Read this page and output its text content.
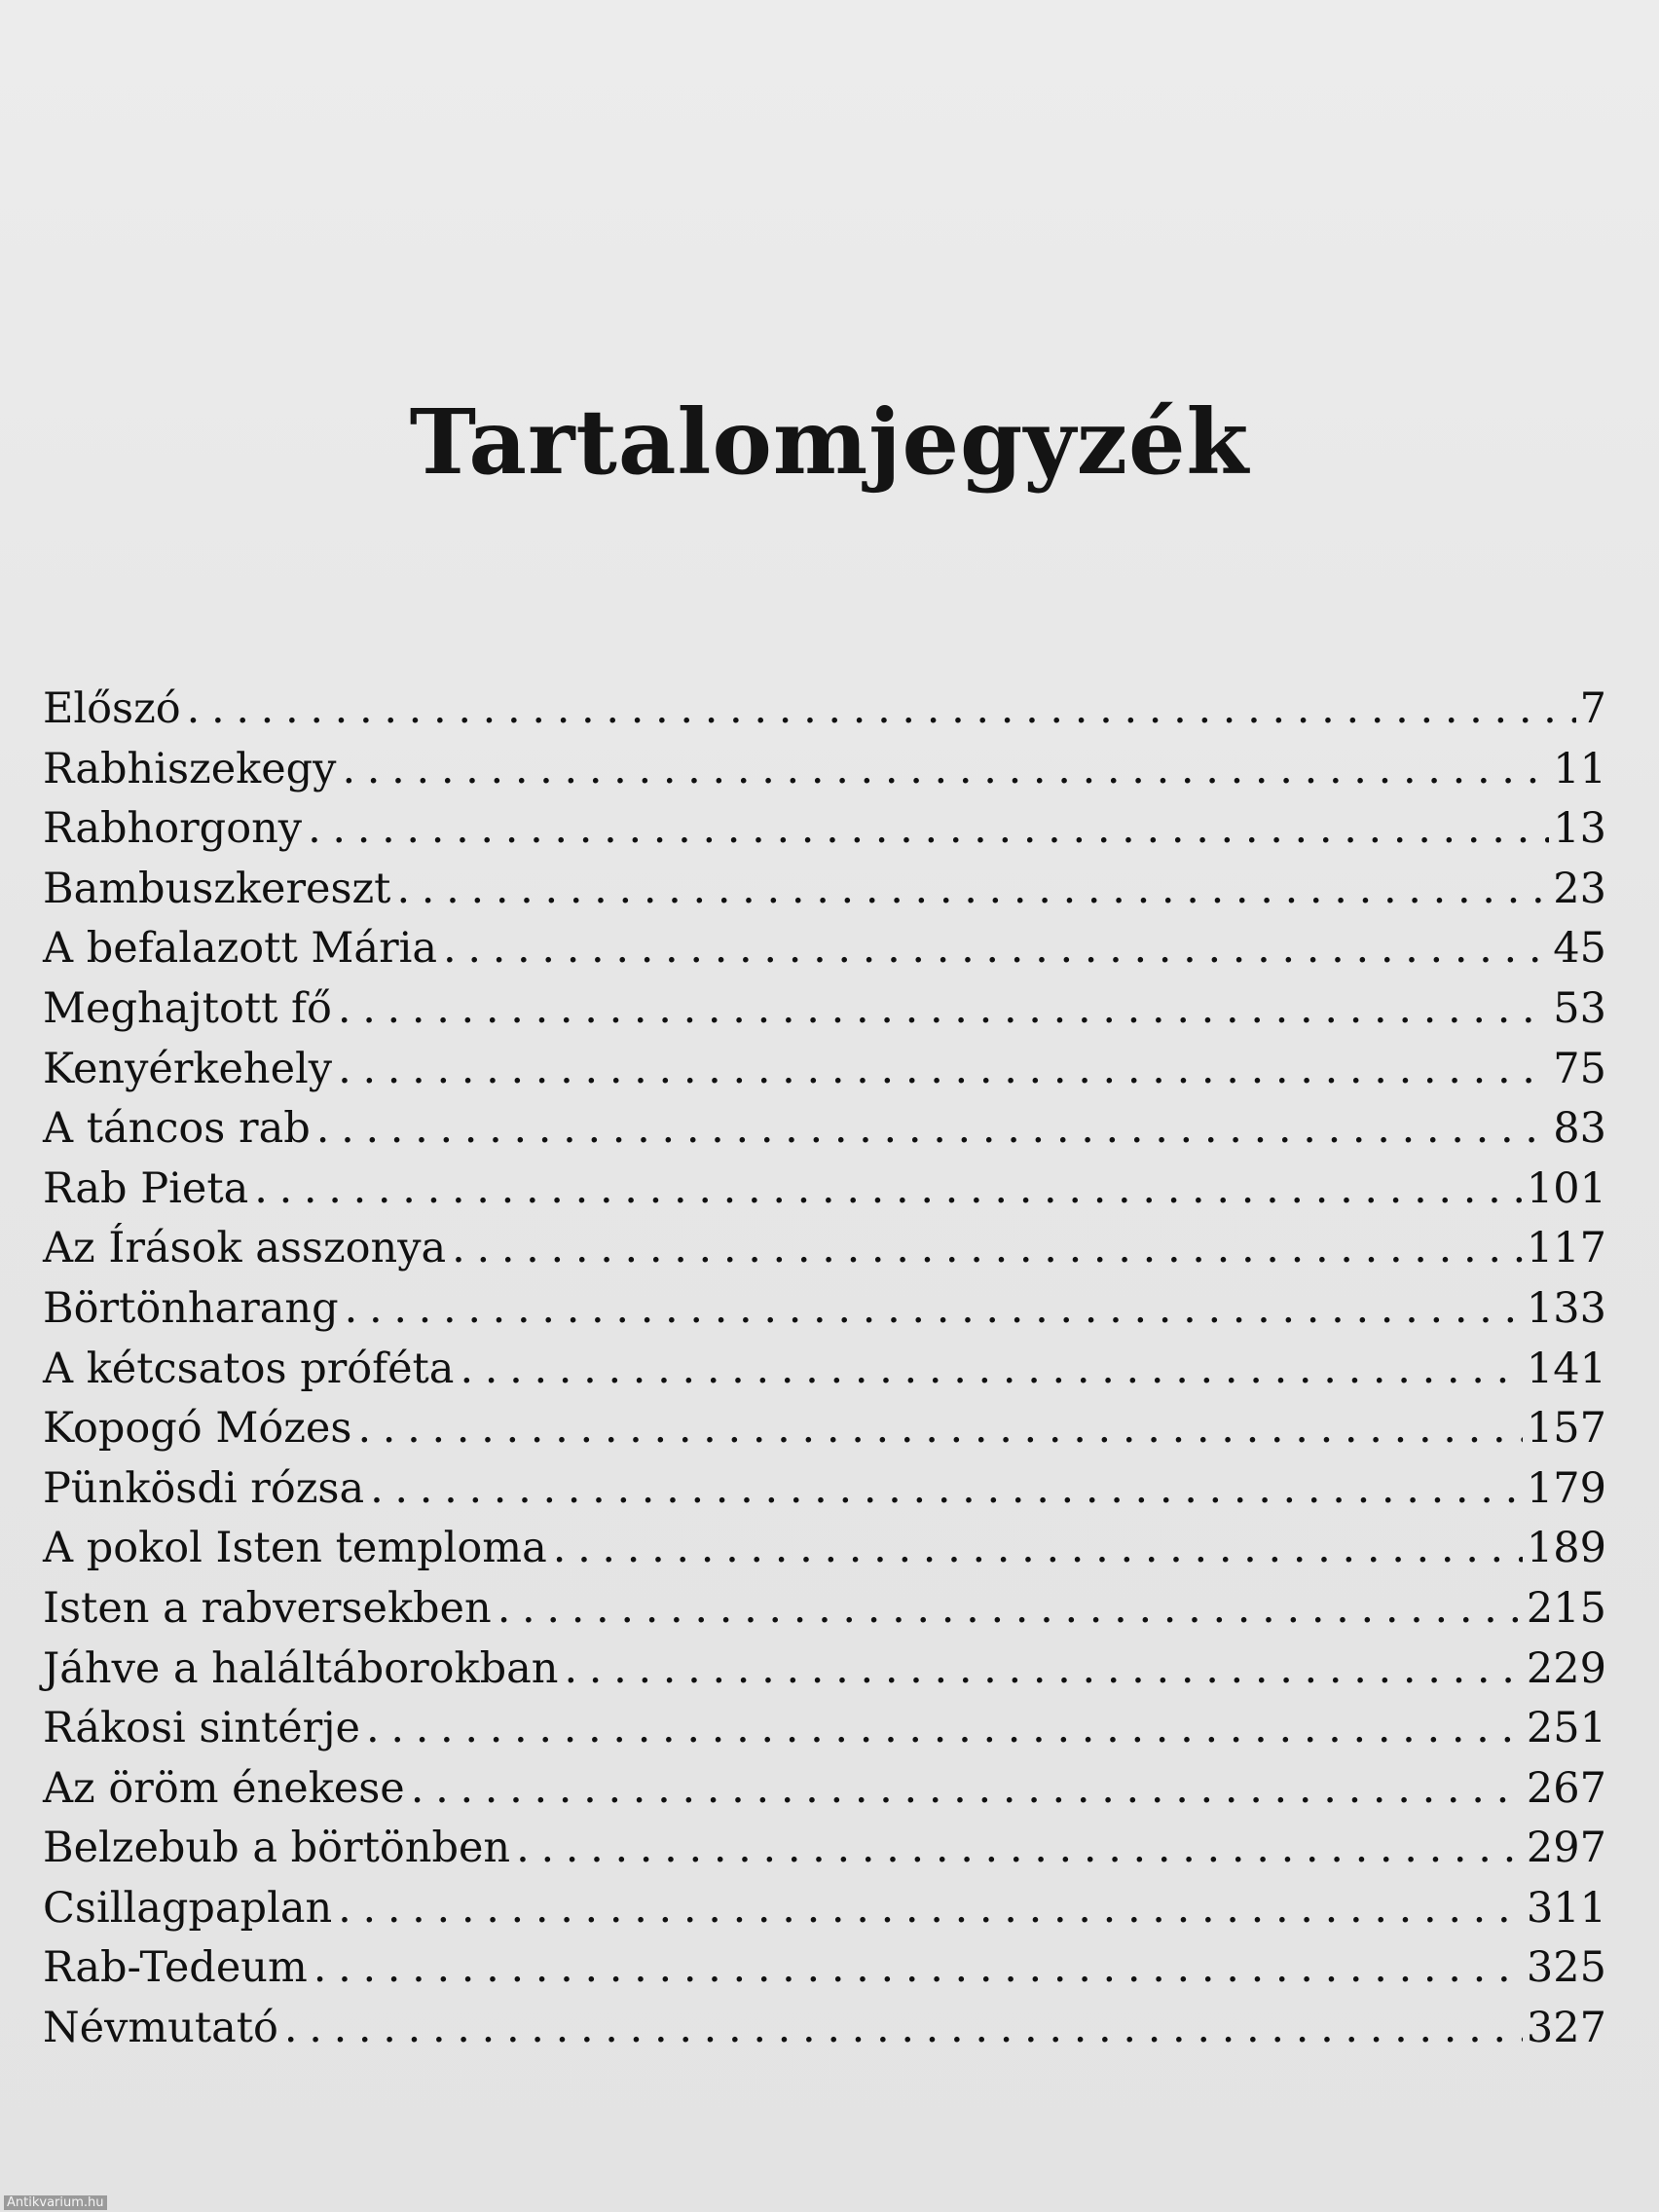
Tartalomjegyzék
Előszó . . .	7
Rabhiszekegy . . .	11
Rabhorgony . . .	13
Bambuszkereszt . . .	23
A befalazott Mária . . .	45
Meghajtott fő . . .	53
Kenyérkehely . . .	75
A táncos rab . . .	83
Rab Pieta . . .	101
Az Írások asszonya . . .	117
Börtönharang . . .	133
A kétcsatos próféta . . .	141
Kopogó Mózes . . .	157
Pünkösdi rózsa . . .	179
A pokol Isten temploma . . .	189
Isten a rabversekben . . .	215
Jáhve a haláltáborokban . . .	229
Rákosi sintérje . . .	251
Az öröm énekese . . .	267
Belzebub a börtönben . . .	297
Csillagpaplan . . .	311
Rab-Tedeum . . .	325
Névmutató . . .	327
Antikvarium.hu
